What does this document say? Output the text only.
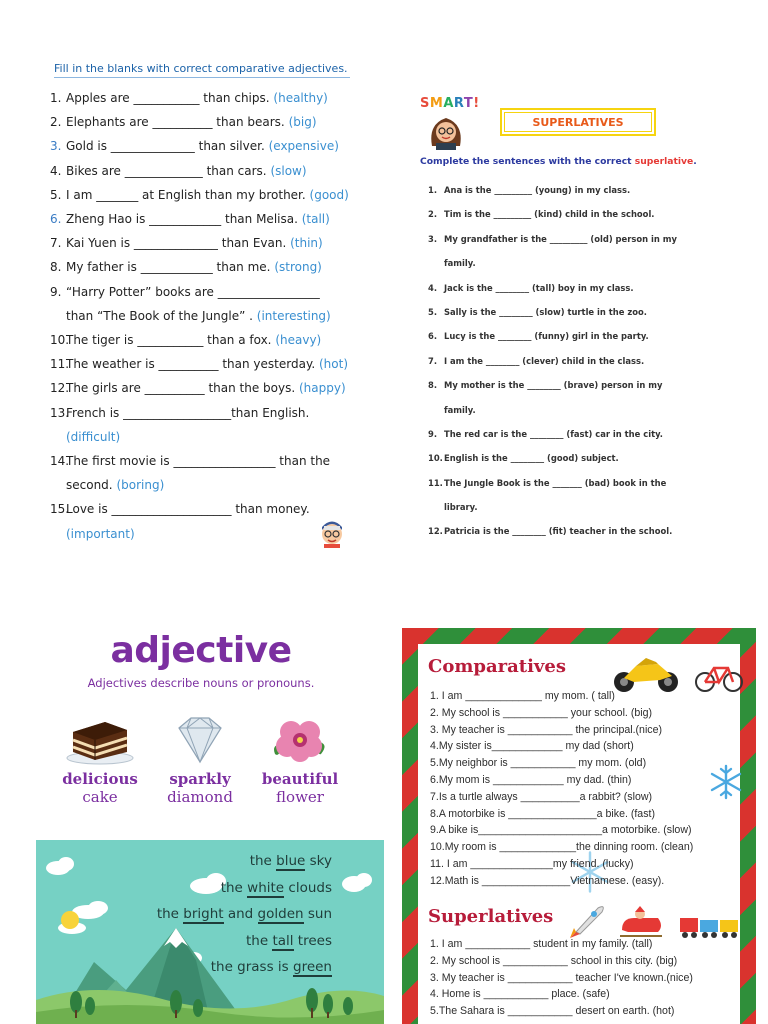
Fill in the blanks with correct comparative adjectives.
1. Apples are ___________ than chips. (healthy)
2. Elephants are __________ than bears. (big)
3. Gold is ______________ than silver. (expensive)
4. Bikes are _____________ than cars. (slow)
5. I am _______ at English than my brother. (good)
6. Zheng Hao is ____________ than Melisa. (tall)
7. Kai Yuen is ______________ than Evan. (thin)
8. My father is ____________ than me. (strong)
9. “Harry Potter” books are _________________
than “The Book of the Jungle” . (interesting)
10.
The tiger is ___________ than a fox. (heavy)
11.
The weather is __________ than yesterday. (hot)
12.
The girls are __________ than the boys. (happy)
13.
French is __________________than English.
(difficult)
14.
The first movie is _________________ than the
second. (boring)
15.
Love is ____________________ than money.
(important)
SMART!
SUPERLATIVES
Complete the sentences with the correct superlative.
1. Ana is the _________ (young) in my class.
2. Tim is the _________ (kind) child in the school.
3. My grandfather is the _________ (old) person in my
family.
4. Jack is the ________ (tall) boy in my class.
5. Sally is the ________ (slow) turtle in the zoo.
6. Lucy is the ________ (funny) girl in the party.
7. I am the ________ (clever) child in the class.
8. My mother is the ________ (brave) person in my
family.
9. The red car is the ________ (fast) car in the city.
10. English is the ________ (good) subject.
11. The Jungle Book is the _______ (bad) book in the
library.
12. Patricia is the ________ (fit) teacher in the school.
adjective
Adjectives describe nouns or pronouns.
delicious
cake
sparkly
diamond
beautiful
flower
the blue sky
the white clouds
the bright and golden sun
the tall trees
the grass is green
Comparatives
1. I am _____________ my mom. ( tall)
2. My school is ___________ your school. (big)
3. My teacher is ___________ the principal.(nice)
4.My sister is____________ my dad (short)
5.My neighbor is ___________ my mom. (old)
6.My mom is ____________ my dad. (thin)
7.Is a turtle always __________a rabbit? (slow)
8.A motorbike is _______________a bike. (fast)
9.A bike is_____________________a motorbike. (slow)
10.My room is _____________the dinning room. (clean)
11. I am ______________my friend. (lucky)
12.Math is _______________Vietnamese. (easy).
Superlatives
1. I am ___________ student in my family. (tall)
2. My school is ___________ school in this city. (big)
3. My teacher is ___________ teacher I've known.(nice)
4. Home is ___________ place. (safe)
5.The Sahara is ___________ desert on earth. (hot)
